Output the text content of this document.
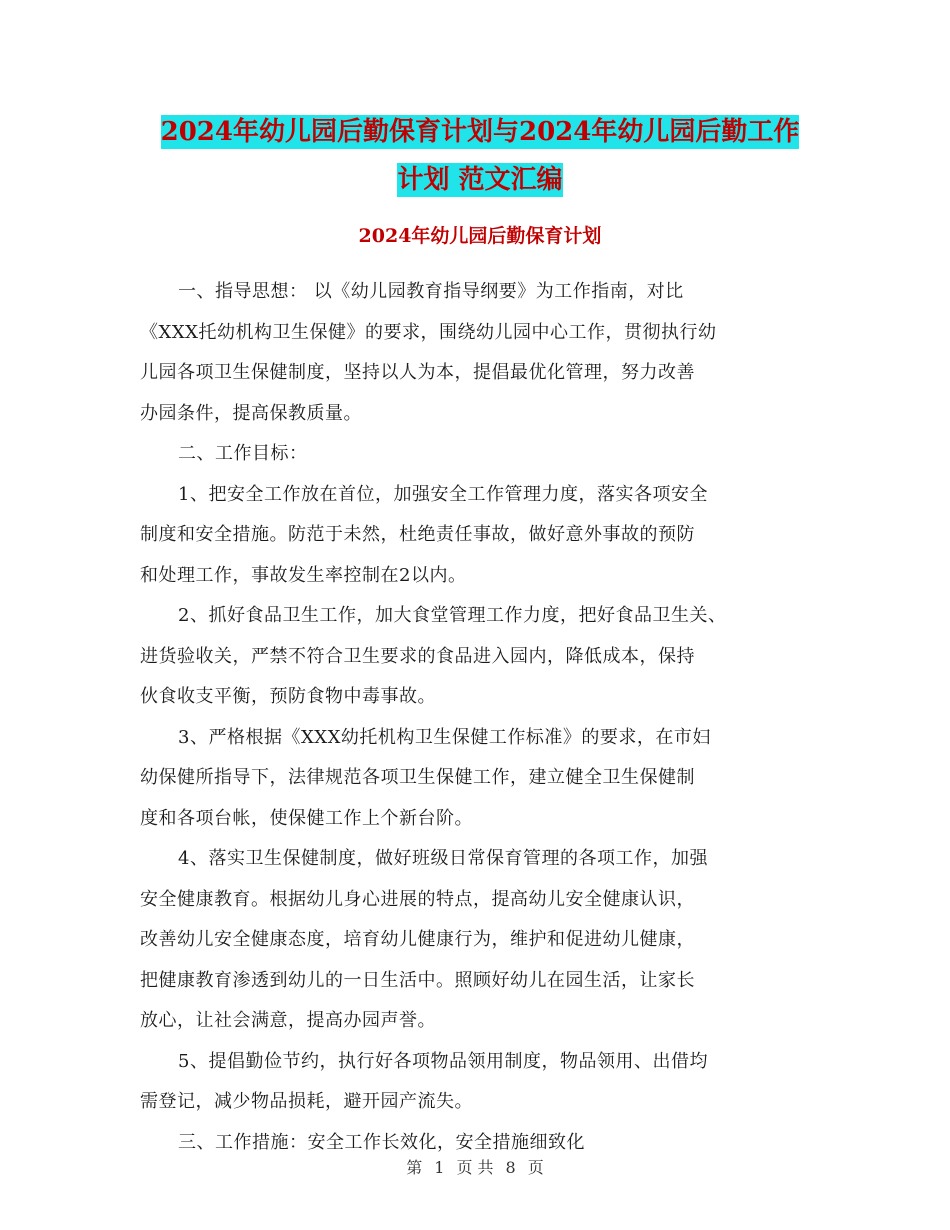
2024年幼儿园后勤保育计划与2024年幼儿园后勤工作
计划 范文汇编
2024年幼儿园后勤保育计划

一、指导思想： 以《幼儿园教育指导纲要》为工作指南，对比
《XXX托幼机构卫生保健》的要求，围绕幼儿园中心工作，贯彻执行幼
儿园各项卫生保健制度，坚持以人为本，提倡最优化管理，努力改善
办园条件，提高保教质量。

二、工作目标：

1、把安全工作放在首位，加强安全工作管理力度，落实各项安全
制度和安全措施。防范于未然，杜绝责任事故，做好意外事故的预防
和处理工作，事故发生率控制在2以内。

2、抓好食品卫生工作，加大食堂管理工作力度，把好食品卫生关、
进货验收关，严禁不符合卫生要求的食品进入园内，降低成本，保持
伙食收支平衡，预防食物中毒事故。

3、严格根据《XXX幼托机构卫生保健工作标准》的要求，在市妇
幼保健所指导下，法律规范各项卫生保健工作，建立健全卫生保健制
度和各项台帐，使保健工作上个新台阶。

4、落实卫生保健制度，做好班级日常保育管理的各项工作，加强
安全健康教育。根据幼儿身心进展的特点，提高幼儿安全健康认识，
改善幼儿安全健康态度，培育幼儿健康行为，维护和促进幼儿健康，
把健康教育渗透到幼儿的一日生活中。照顾好幼儿在园生活，让家长
放心，让社会满意，提高办园声誉。

5、提倡勤俭节约，执行好各项物品领用制度，物品领用、出借均
需登记，减少物品损耗，避开园产流失。

三、工作措施：安全工作长效化，安全措施细致化

第 1 页 共 8 页
